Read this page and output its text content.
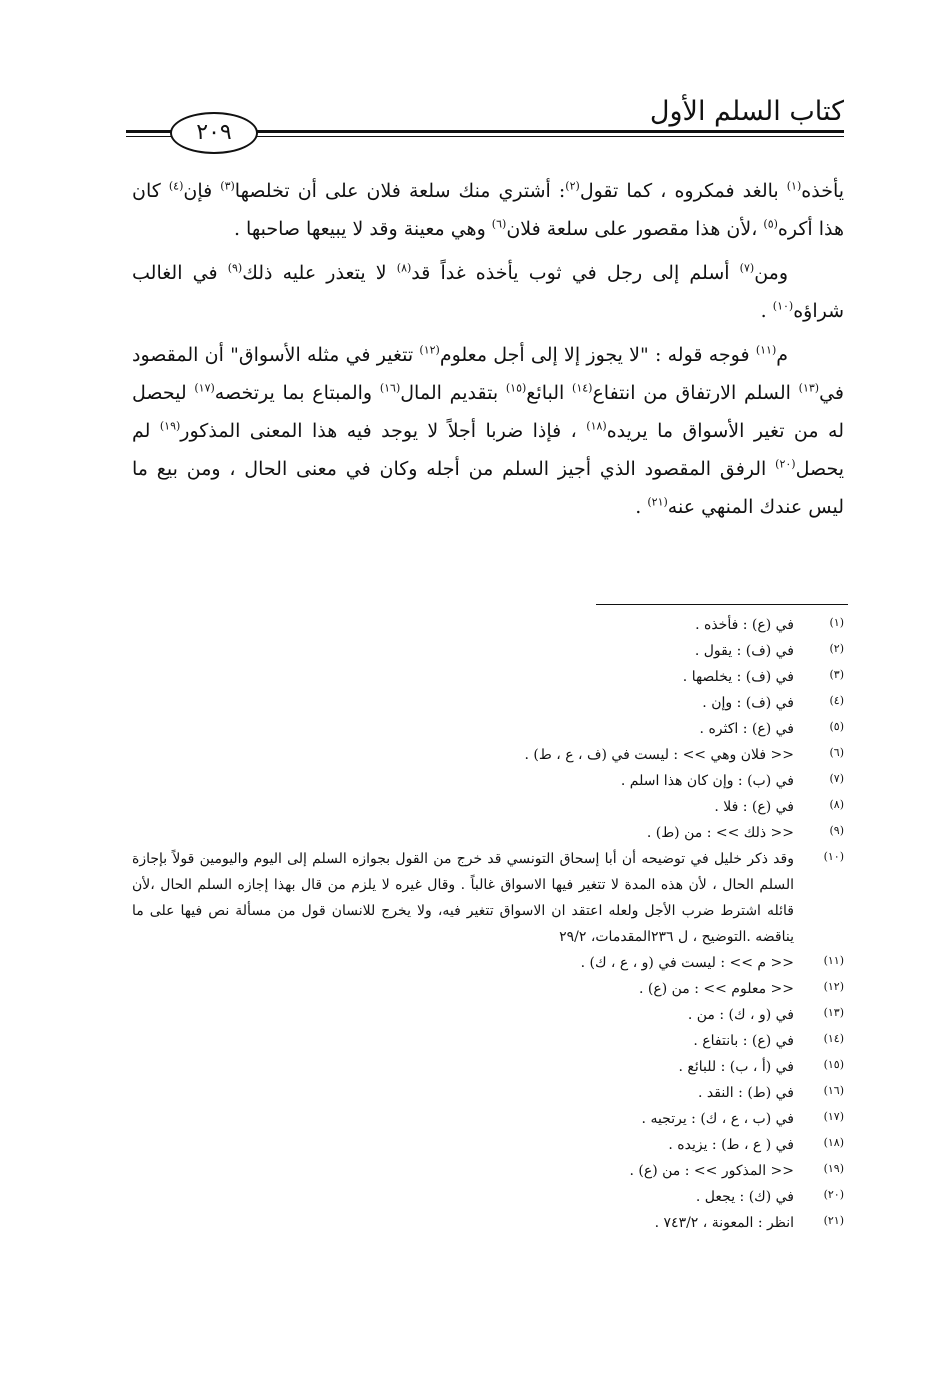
كتاب السلم الأول
٢٠٩

يأخذه$^{(١)}$ بالغد فمكروه ، كما تقول$^{(٢)}$: أشتري منك سلعة فلان على أن تخلصها$^{(٣)}$ فإن$^{(٤)}$ كان هذا أكره$^{(٥)}$ ،لأن هذا مقصور على سلعة فلان$^{(٦)}$ وهي معينة وقد لا يبيعها صاحبها .

ومن$^{(٧)}$ أسلم إلى رجل في ثوب يأخذه غداً قد$^{(٨)}$ لا يتعذر عليه ذلك$^{(٩)}$ في الغالب شراؤه$^{(١٠)}$ .

م$^{(١١)}$ فوجه قوله : "لا يجوز إلا إلى أجل معلوم$^{(١٢)}$ تتغير في مثله الأسواق" أن المقصود في$^{(١٣)}$ السلم الارتفاق من انتفاع$^{(١٤)}$ البائع$^{(١٥)}$ بتقديم المال$^{(١٦)}$ والمبتاع بما يرتخصه$^{(١٧)}$ ليحصل له من تغير الأسواق ما يريده$^{(١٨)}$ ، فإذا ضربا أجلاً لا يوجد فيه هذا المعنى المذكور$^{(١٩)}$ لم يحصل$^{(٢٠)}$ الرفق المقصود الذي أجيز السلم من أجله وكان في معنى الحال ، ومن بيع ما ليس عندك المنهي عنه$^{(٢١)}$ .

(١)
في (ع) : فأخذه .
(٢)
في (ف) : يقول .
(٣)
في (ف) : يخلصها .
(٤)
في (ف) : وإن .
(٥)
في (ع) : اكثره .
(٦)
<< فلان وهي >> : ليست في (ف ، ع ، ط) .
(٧)
في (ب) : وإن كان هذا اسلم .
(٨)
في (ع) : فلا .
(٩)
<< ذلك >> : من (ط) .
(١٠)
وقد ذكر خليل في توضيحه أن أبا إسحاق التونسي قد خرج من القول بجوازه السلم إلى اليوم واليومين قولاً بإجازة السلم الحال ، لأن هذه المدة لا تتغير فيها الاسواق غالباً . وقال غيره لا يلزم من قال بهذا إجازه السلم الحال ،لأن قائله اشترط ضرب الأجل ولعله اعتقد ان الاسواق تتغير فيه، ولا يخرج للانسان قول من مسألة نص فيها على ما يناقضه .التوضيح ، ل ٢٣٦المقدمات، ٢٩/٢
(١١)
<< م >> : ليست في (و ، ع ، ك) .
(١٢)
<< معلوم >> : من (ع) .
(١٣)
في (و ، ك) : من .
(١٤)
في (ع) : بانتفاع .
(١٥)
في (أ ، ب) : للبائع .
(١٦)
في (ط) : النقد .
(١٧)
في (ب ، ع ، ك) : يرتجيه .
(١٨)
في ( ع ، ط) : يزيده .
(١٩)
<< المذكور >> : من (ع) .
(٢٠)
في (ك) : يجعل .
(٢١)
انظر : المعونة ، ٧٤٣/٢ .
